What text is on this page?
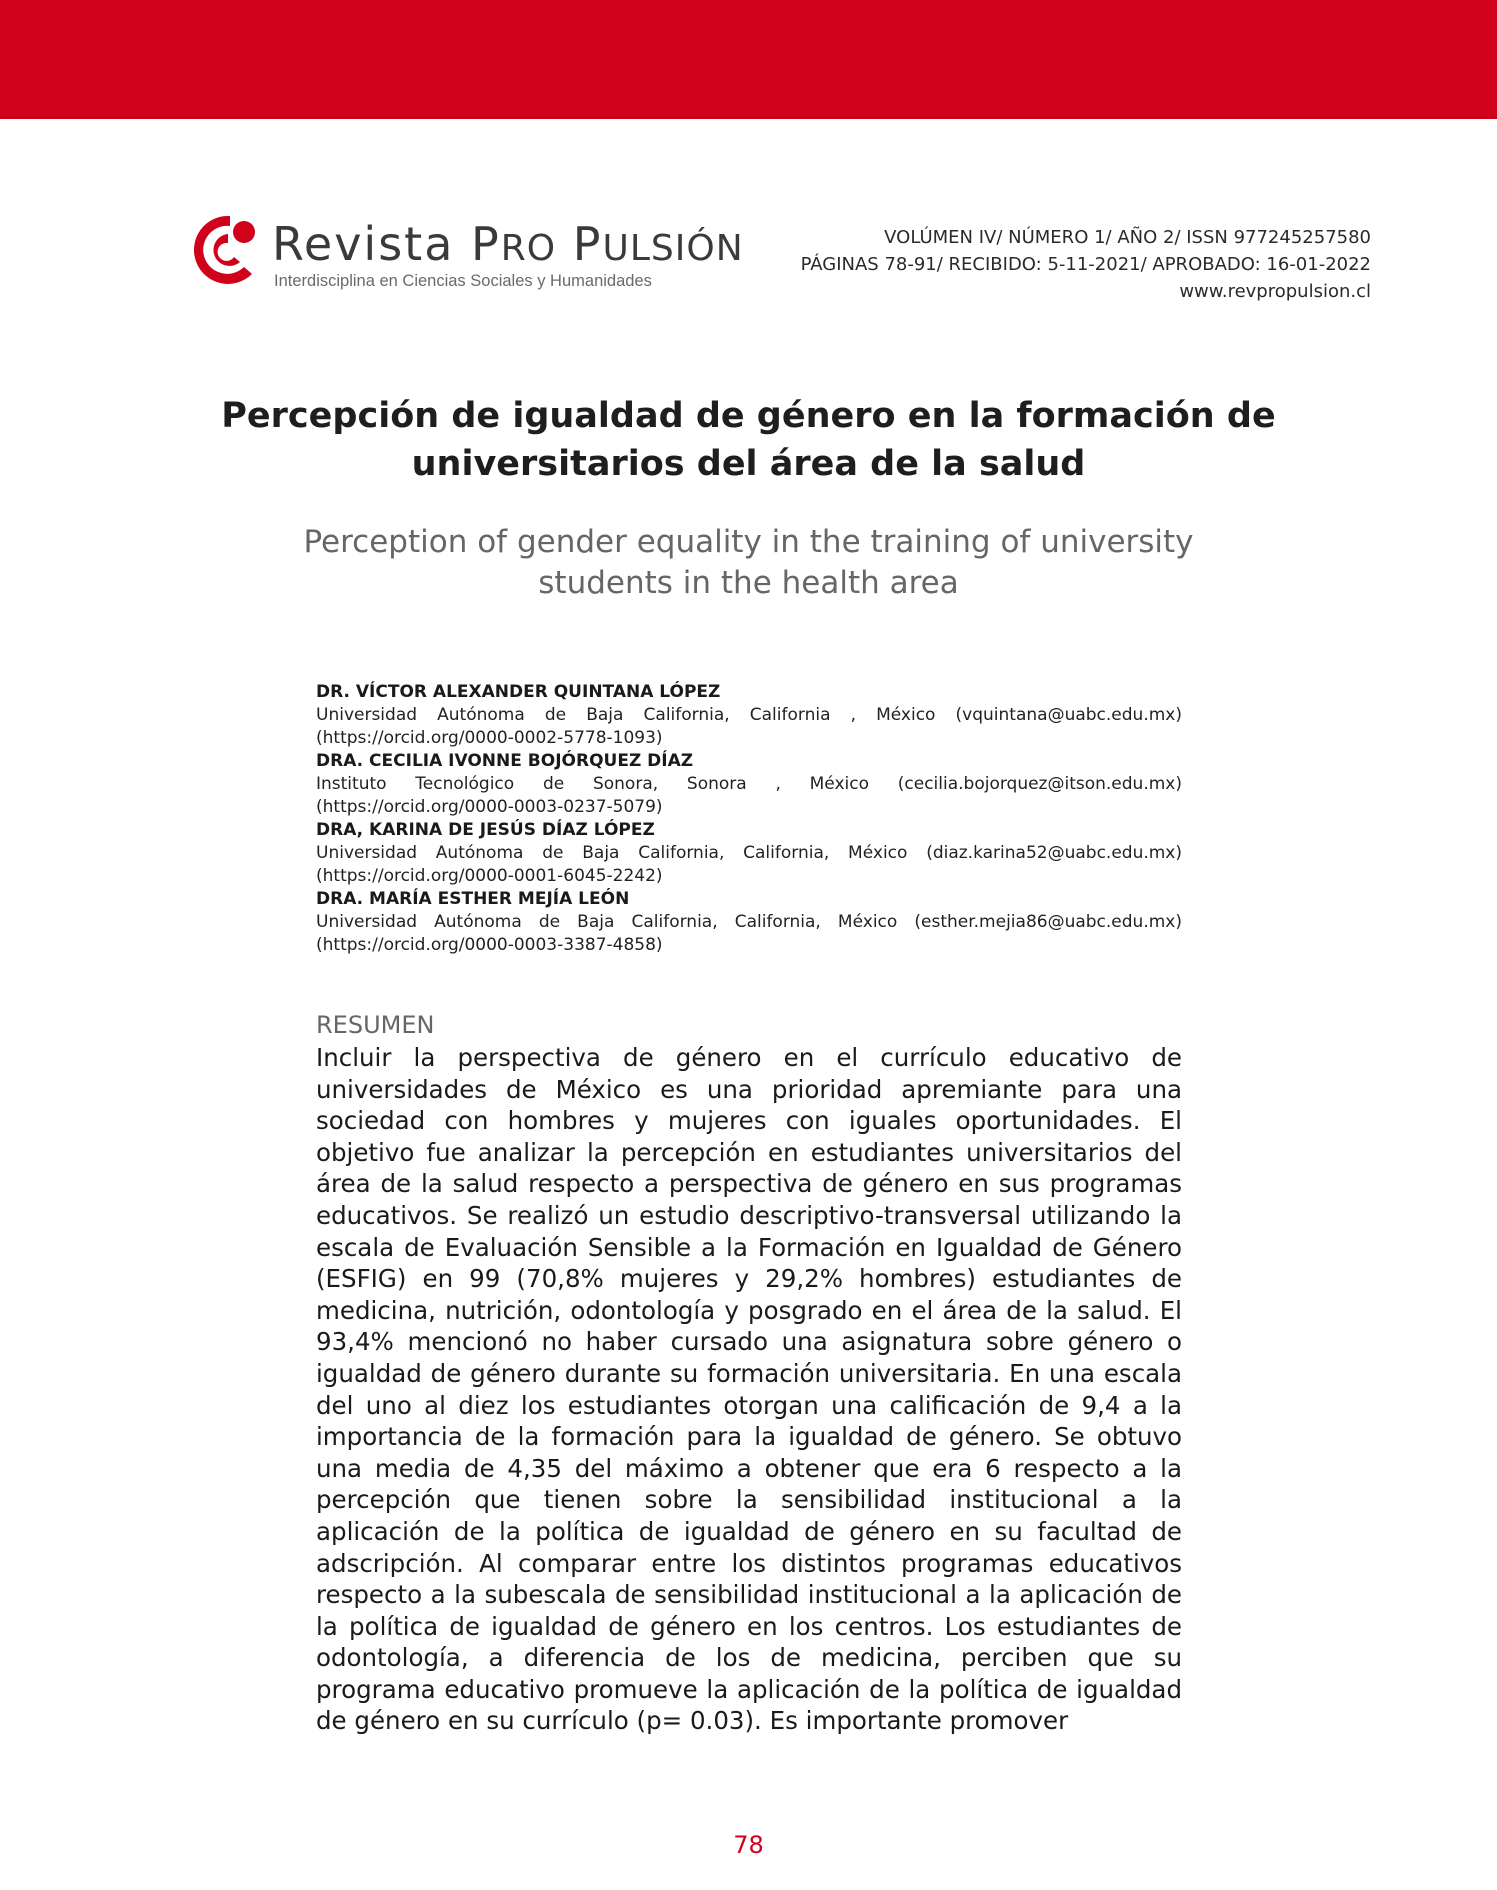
Revista PRO PULSIÓN
Interdisciplina en Ciencias Sociales y Humanidades
VOLÚMEN IV/ NÚMERO 1/ AÑO 2/ ISSN 977245257580
PÁGINAS 78-91/ RECIBIDO: 5-11-2021/ APROBADO: 16-01-2022
www.revpropulsion.cl
Percepción de igualdad de género en la formación de universitarios del área de la salud
Perception of gender equality in the training of university students in the health area
DR. VÍCTOR ALEXANDER QUINTANA LÓPEZ
Universidad Autónoma de Baja California, California , México (vquintana@uabc.edu.mx) (https://orcid.org/0000-0002-5778-1093)
DRA. CECILIA IVONNE BOJÓRQUEZ DÍAZ
Instituto Tecnológico de Sonora, Sonora , México (cecilia.bojorquez@itson.edu.mx) (https://orcid.org/0000-0003-0237-5079)
DRA, KARINA DE JESÚS DÍAZ LÓPEZ
Universidad Autónoma de Baja California, California, México (diaz.karina52@uabc.edu.mx) (https://orcid.org/0000-0001-6045-2242)
DRA. MARÍA ESTHER MEJÍA LEÓN
Universidad Autónoma de Baja California, California, México (esther.mejia86@uabc.edu.mx) (https://orcid.org/0000-0003-3387-4858)
RESUMEN

Incluir la perspectiva de género en el currículo educativo de universidades de México es una prioridad apremiante para una sociedad con hombres y mujeres con iguales oportunidades. El objetivo fue analizar la percepción en estudiantes universitarios del área de la salud respecto a perspectiva de género en sus programas educativos. Se realizó un estudio descriptivo-transversal utilizando la escala de Evaluación Sensible a la Formación en Igualdad de Género (ESFIG) en 99 (70,8% mujeres y 29,2% hombres) estudiantes de medicina, nutrición, odontología y posgrado en el área de la salud. El 93,4% mencionó no haber cursado una asignatura sobre género o igualdad de género durante su formación universitaria. En una escala del uno al diez los estudiantes otorgan una calificación de 9,4 a la importancia de la formación para la igualdad de género. Se obtuvo una media de 4,35 del máximo a obtener que era 6 respecto a la percepción que tienen sobre la sensibilidad institucional a la aplicación de la política de igualdad de género en su facultad de adscripción. Al comparar entre los distintos programas educativos respecto a la subescala de sensibilidad institucional a la aplicación de la política de igualdad de género en los centros. Los estudiantes de odontología, a diferencia de los de medicina, perciben que su programa educativo promueve la aplicación de la política de igualdad de género en su currículo (p= 0.03). Es importante promover

78
